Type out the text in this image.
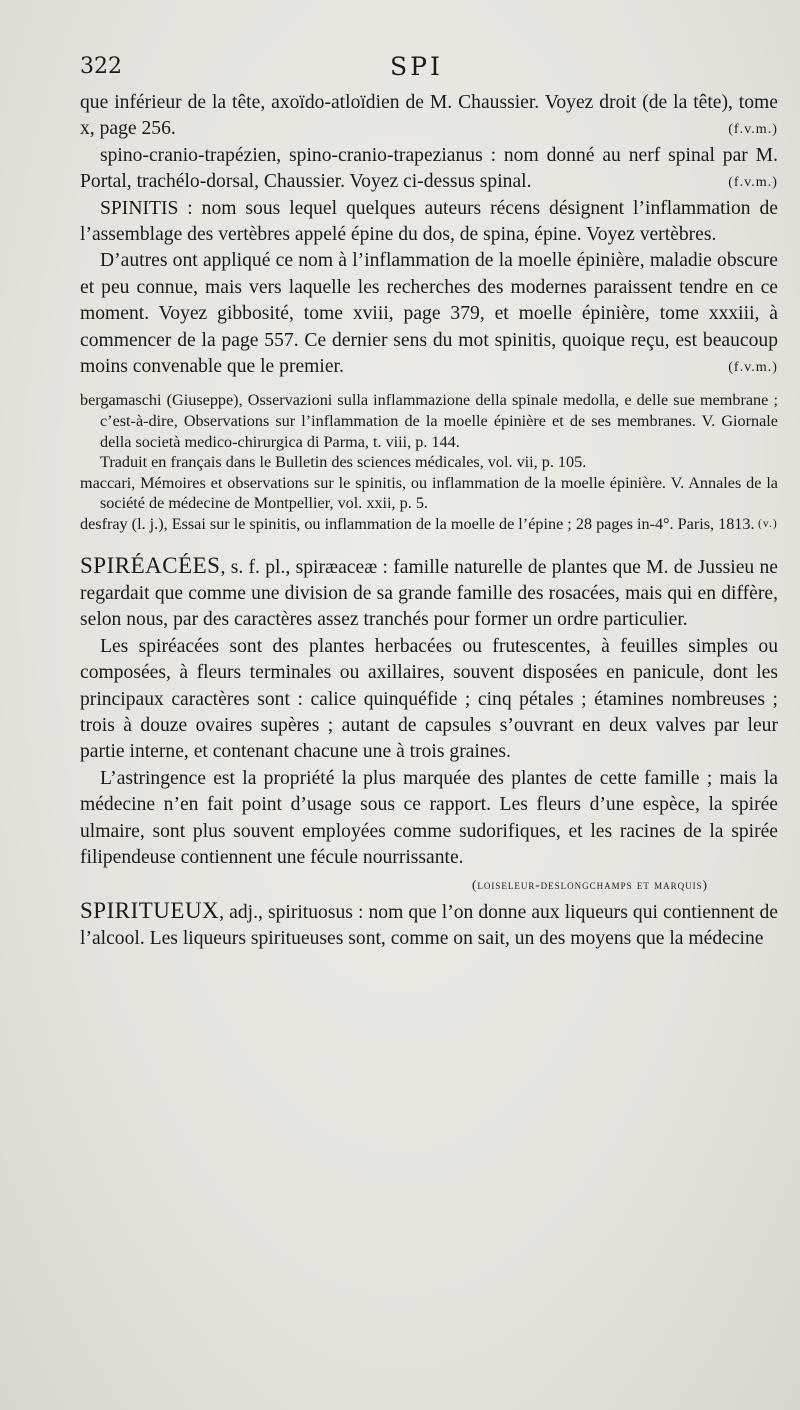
322	SPI

que inférieur de la tête, axoïdo-atloïdien de M. Chaussier. Voyez droit (de la tête), tome x, page 256.	(f.v.m.)

spino-cranio-trapézien, spino-cranio-trapezianus : nom donné au nerf spinal par M. Portal, trachélo-dorsal, Chaussier. Voyez ci-dessus spinal.	(f.v.m.)

SPINITIS : nom sous lequel quelques auteurs récens désignent l’inflammation de l’assemblage des vertèbres appelé épine du dos, de spina, épine. Voyez vertèbres.

D’autres ont appliqué ce nom à l’inflammation de la moelle épinière, maladie obscure et peu connue, mais vers laquelle les recherches des modernes paraissent tendre en ce moment. Voyez gibbosité, tome xviii, page 379, et moelle épinière, tome xxxiii, à commencer de la page 557. Ce dernier sens du mot spinitis, quoique reçu, est beaucoup moins convenable que le premier.	(f.v.m.)

bergamaschi (Giuseppe), Osservazioni sulla inflammazione della spinale medolla, e delle sue membrane ; c’est-à-dire, Observations sur l’inflammation de la moelle épinière et de ses membranes. V. Giornale della società medico-chirurgica di Parma, t. viii, p. 144.

Traduit en français dans le Bulletin des sciences médicales, vol. vii, p. 105.

maccari, Mémoires et observations sur le spinitis, ou inflammation de la moelle épinière. V. Annales de la société de médecine de Montpellier, vol. xxii, p. 5.

desfray (l. j.), Essai sur le spinitis, ou inflammation de la moelle de l’épine ; 28 pages in-4°. Paris, 1813. (v.)

SPIRÉACÉES, s. f. pl., spiræaceæ : famille naturelle de plantes que M. de Jussieu ne regardait que comme une division de sa grande famille des rosacées, mais qui en diffère, selon nous, par des caractères assez tranchés pour former un ordre particulier.

Les spiréacées sont des plantes herbacées ou frutescentes, à feuilles simples ou composées, à fleurs terminales ou axillaires, souvent disposées en panicule, dont les principaux caractères sont : calice quinquéfide ; cinq pétales ; étamines nombreuses ; trois à douze ovaires supères ; autant de capsules s’ouvrant en deux valves par leur partie interne, et contenant chacune une à trois graines.

L’astringence est la propriété la plus marquée des plantes de cette famille ; mais la médecine n’en fait point d’usage sous ce rapport. Les fleurs d’une espèce, la spirée ulmaire, sont plus souvent employées comme sudorifiques, et les racines de la spirée filipendeuse contiennent une fécule nourrissante.

(loiseleur-deslongchamps et marquis)

SPIRITUEUX, adj., spirituosus : nom que l’on donne aux liqueurs qui contiennent de l’alcool. Les liqueurs spiritueuses sont, comme on sait, un des moyens que la médecine
